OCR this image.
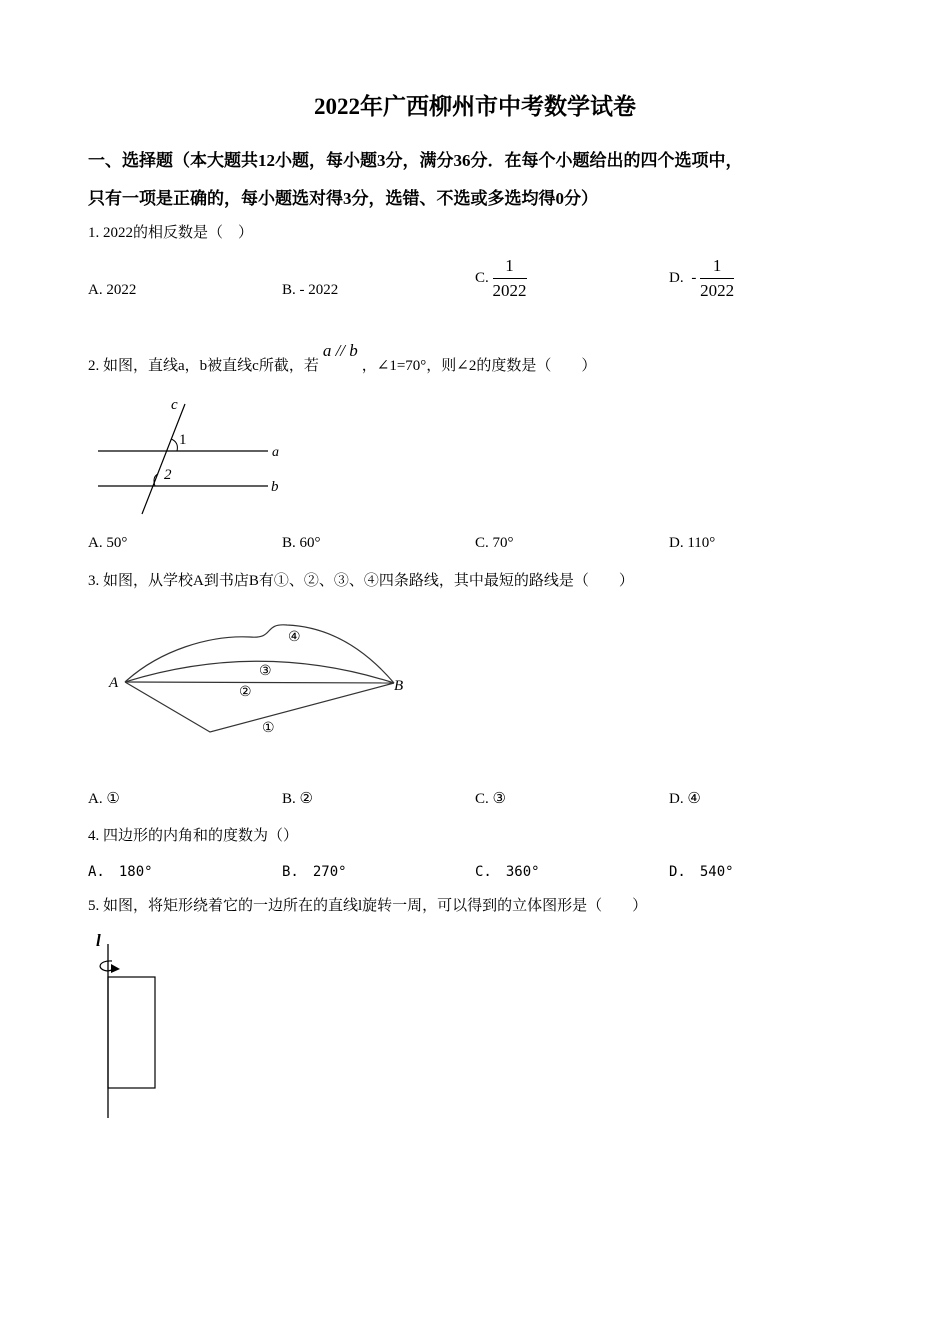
2022年广西柳州市中考数学试卷
一、选择题（本大题共12小题，每小题3分，满分36分．在每个小题给出的四个选项中，
只有一项是正确的，每小题选对得3分，选错、不选或多选均得0分）
1. 2022的相反数是（　）
A. 2022	B. - 2022
C. $\frac{1}{2022}$	D. - $\frac{1}{2022}$
2. 如图，直线a，b被直线c所截，若a // b，∠1=70°，则∠2的度数是（　　）
c
a
b
1
2
A. 50°	B. 60°	C. 70°	D. 110°
3. 如图，从学校A到书店B有①、②、③、④四条路线，其中最短的路线是（　　）
A	B
④
③
②
①
A. ①	B. ②	C. ③	D. ④
4. 四边形的内角和的度数为（）
A.　180°	B.　270°	C.　360°	D.　540°
5. 如图，将矩形绕着它的一边所在的直线l旋转一周，可以得到的立体图形是（　　）
l
